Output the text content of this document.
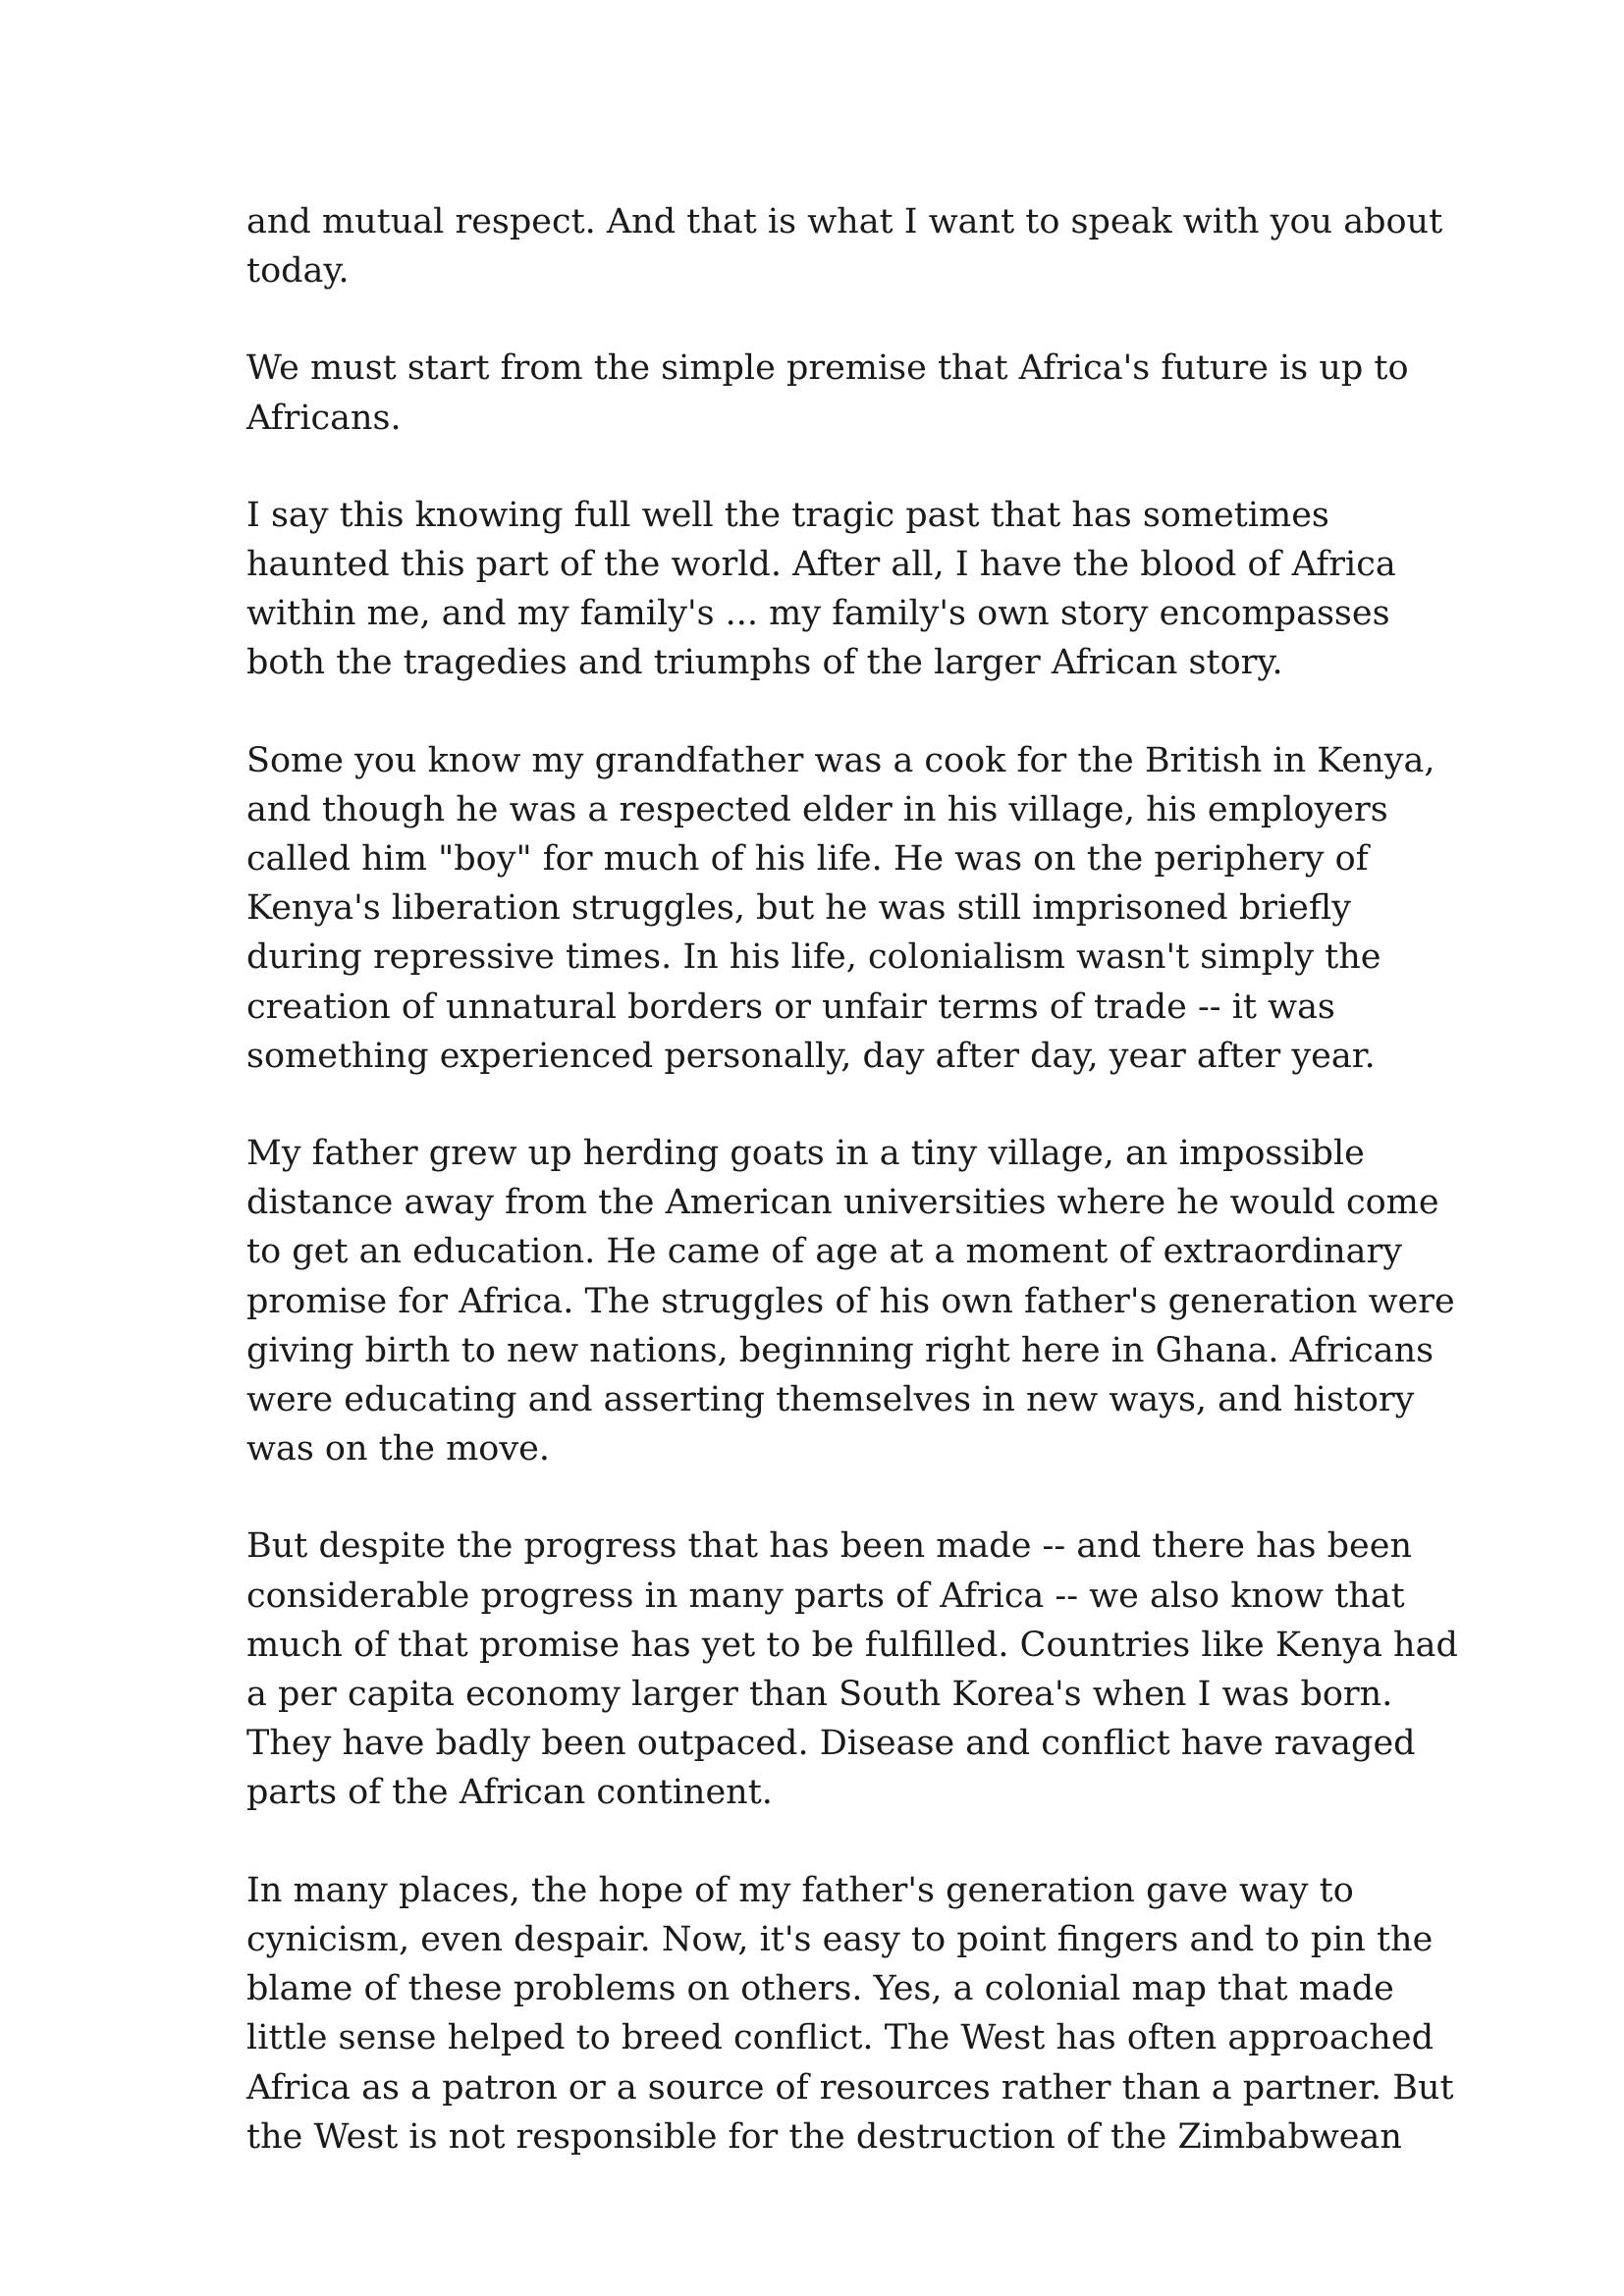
and mutual respect. And that is what I want to speak with you about
today.

We must start from the simple premise that Africa's future is up to
Africans.

I say this knowing full well the tragic past that has sometimes
haunted this part of the world. After all, I have the blood of Africa
within me, and my family's ... my family's own story encompasses
both the tragedies and triumphs of the larger African story.

Some you know my grandfather was a cook for the British in Kenya,
and though he was a respected elder in his village, his employers
called him "boy" for much of his life. He was on the periphery of
Kenya's liberation struggles, but he was still imprisoned briefly
during repressive times. In his life, colonialism wasn't simply the
creation of unnatural borders or unfair terms of trade -- it was
something experienced personally, day after day, year after year.

My father grew up herding goats in a tiny village, an impossible
distance away from the American universities where he would come
to get an education. He came of age at a moment of extraordinary
promise for Africa. The struggles of his own father's generation were
giving birth to new nations, beginning right here in Ghana. Africans
were educating and asserting themselves in new ways, and history
was on the move.

But despite the progress that has been made -- and there has been
considerable progress in many parts of Africa -- we also know that
much of that promise has yet to be fulfilled. Countries like Kenya had
a per capita economy larger than South Korea's when I was born.
They have badly been outpaced. Disease and conflict have ravaged
parts of the African continent.

In many places, the hope of my father's generation gave way to
cynicism, even despair. Now, it's easy to point fingers and to pin the
blame of these problems on others. Yes, a colonial map that made
little sense helped to breed conflict. The West has often approached
Africa as a patron or a source of resources rather than a partner. But
the West is not responsible for the destruction of the Zimbabwean
